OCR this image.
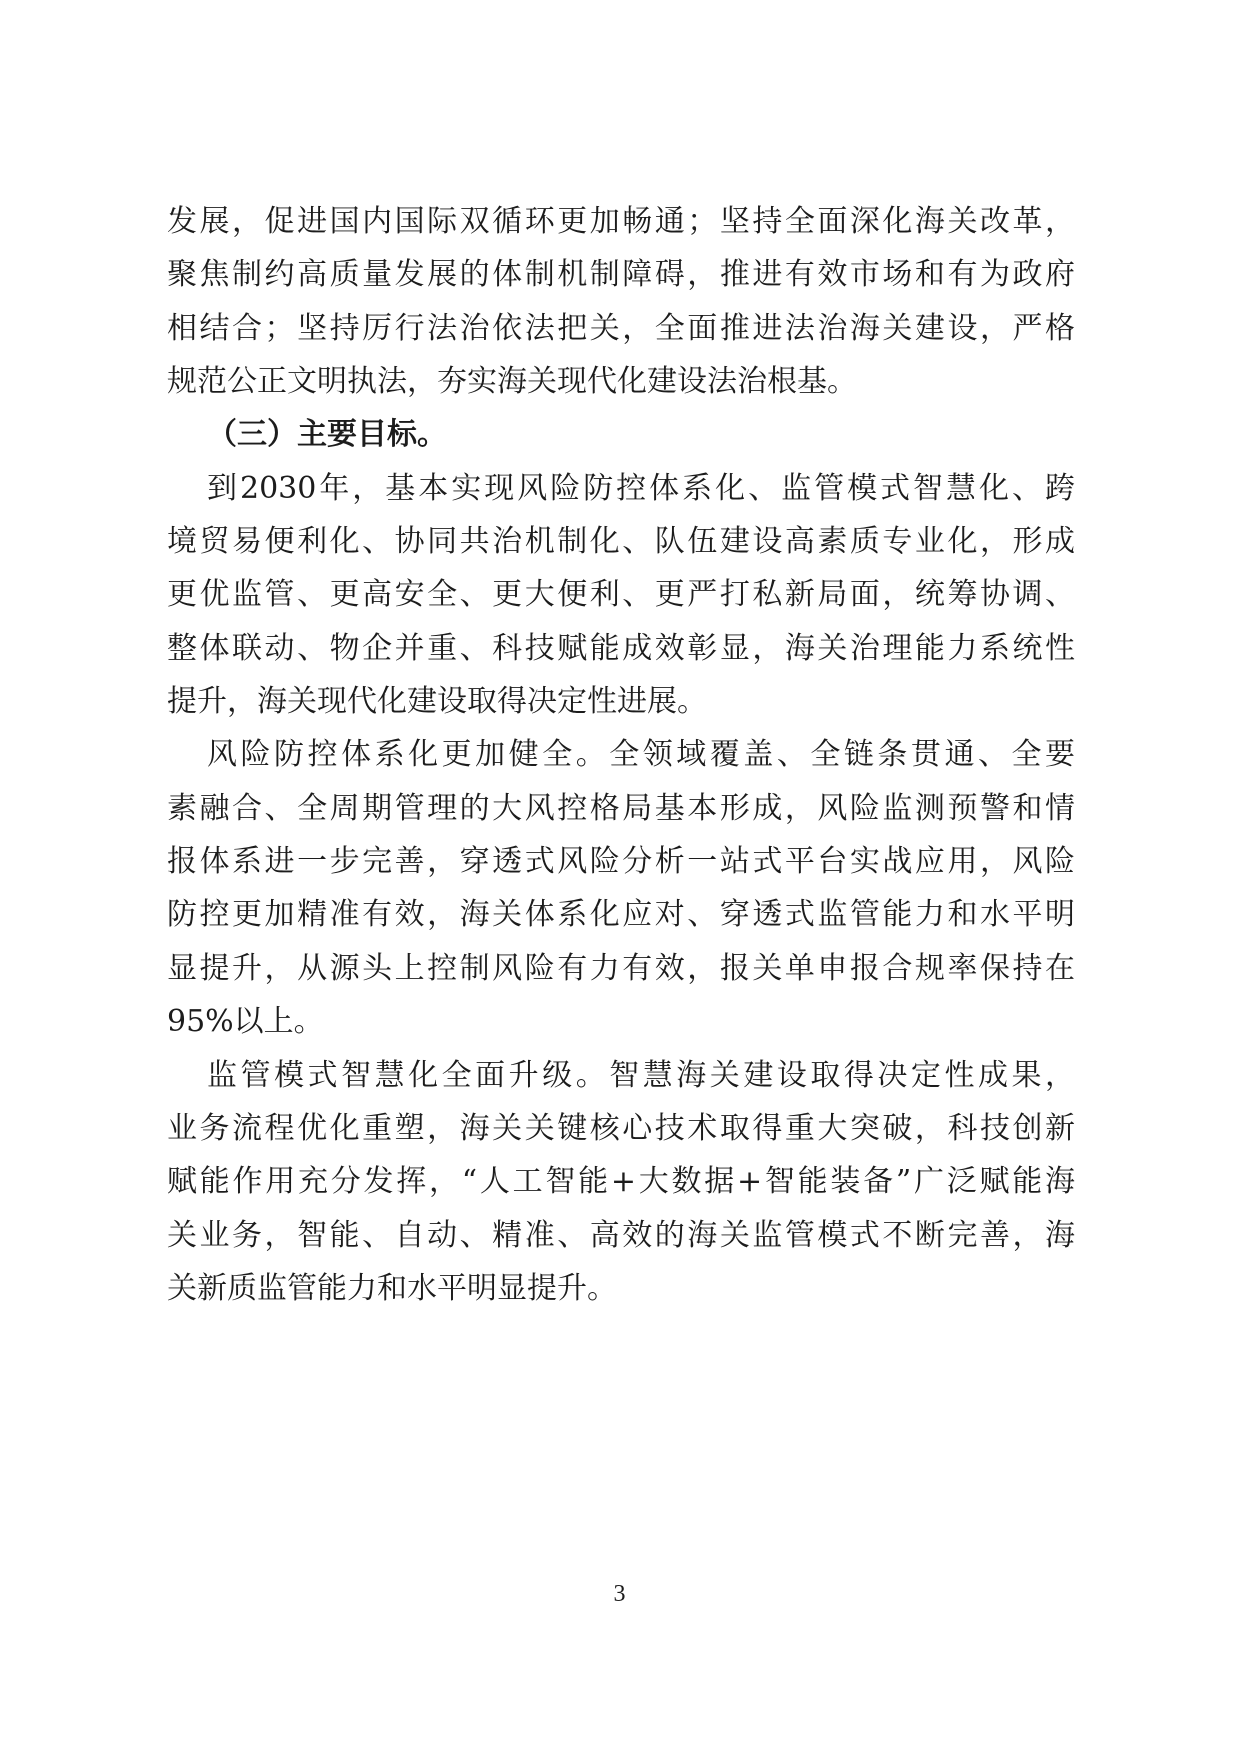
发展，促进国内国际双循环更加畅通；坚持全面深化海关改革，
聚焦制约高质量发展的体制机制障碍，推进有效市场和有为政府
相结合；坚持厉行法治依法把关，全面推进法治海关建设，严格
规范公正文明执法，夯实海关现代化建设法治根基。
（三）主要目标。
到2030年，基本实现风险防控体系化、监管模式智慧化、跨
境贸易便利化、协同共治机制化、队伍建设高素质专业化，形成
更优监管、更高安全、更大便利、更严打私新局面，统筹协调、
整体联动、物企并重、科技赋能成效彰显，海关治理能力系统性
提升，海关现代化建设取得决定性进展。
风险防控体系化更加健全。全领域覆盖、全链条贯通、全要
素融合、全周期管理的大风控格局基本形成，风险监测预警和情
报体系进一步完善，穿透式风险分析一站式平台实战应用，风险
防控更加精准有效，海关体系化应对、穿透式监管能力和水平明
显提升，从源头上控制风险有力有效，报关单申报合规率保持在
95%以上。
监管模式智慧化全面升级。智慧海关建设取得决定性成果，
业务流程优化重塑，海关关键核心技术取得重大突破，科技创新
赋能作用充分发挥，“人工智能+大数据+智能装备”广泛赋能海
关业务，智能、自动、精准、高效的海关监管模式不断完善，海
关新质监管能力和水平明显提升。
3
